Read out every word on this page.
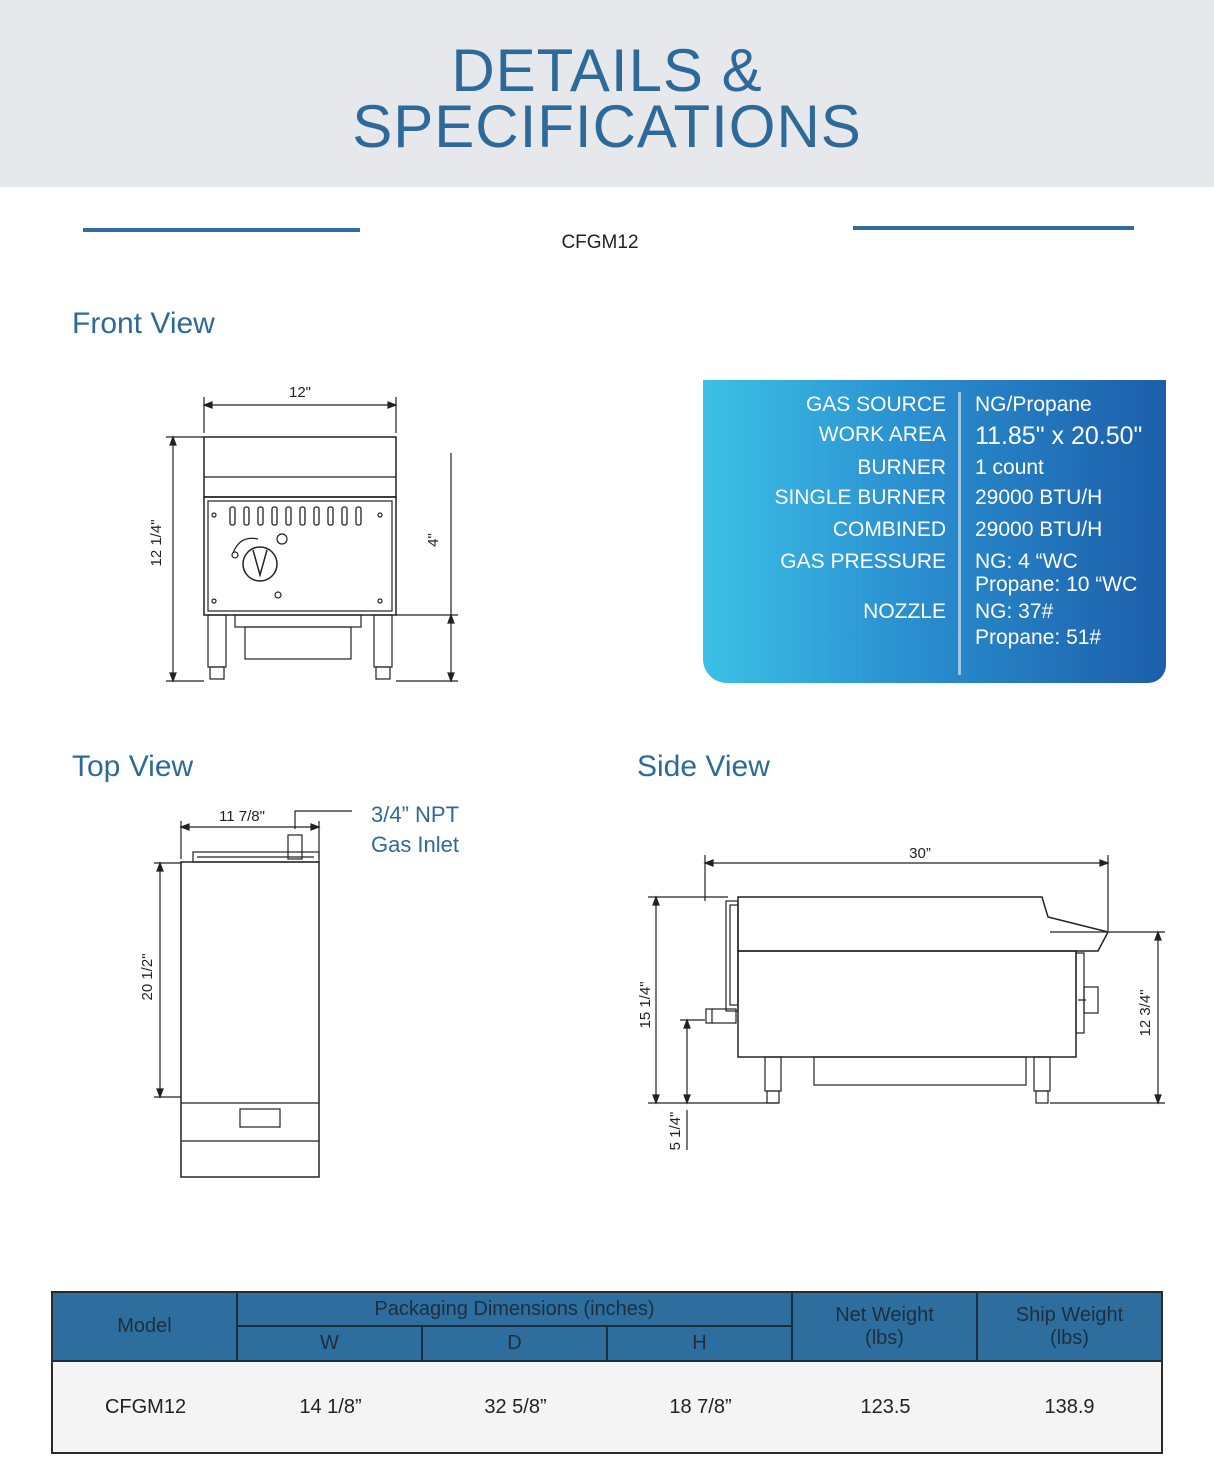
DETAILS &
SPECIFICATIONS
CFGM12
Front View
12"
12 1/4"	4"
GAS SOURCE NG/Propane
WORK AREA 11.85" x 20.50"
BURNER 1 count
SINGLE BURNER 29000 BTU/H
COMBINED 29000 BTU/H
GAS PRESSURE NG: 4 “WC
Propane: 10 “WC
NOZZLE NG: 37#
Propane: 51#
Top View
11 7/8"
20 1/2"
3/4” NPT
Gas Inlet
Side View
30”
15 1/4"	12 3/4"
5 1/4"
Model
Packaging Dimensions (inches)
W	D	H
Net Weight
(lbs)
Ship Weight
(lbs)
CFGM12	14 1/8”	32 5/8”	18 7/8”	123.5	138.9
